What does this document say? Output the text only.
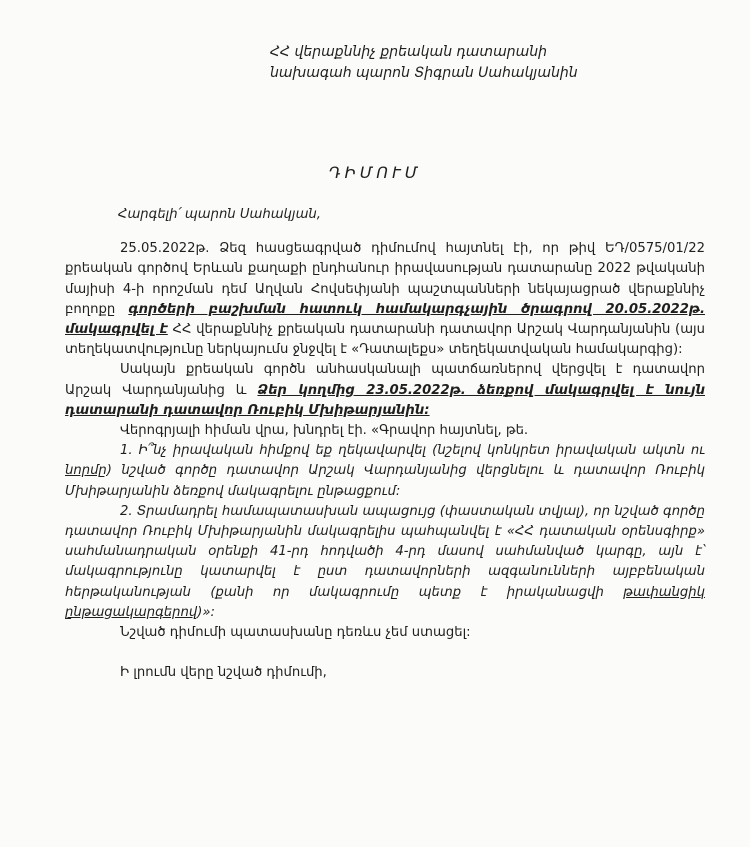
ՀՀ վերաքննիչ քրեական դատարանի
նախագահ պարոն Տիգրան Սահակյանին
ԴԻՄՈՒՄ

Հարգելի՛ պարոն Սահակյան,

25.05.2022թ. Ձեզ հասցեագրված դիմումով հայտնել էի, որ թիվ ԵԴ/0575/01/22 քրեական գործով Երևան քաղաքի ընդհանուր իրավասության դատարանը 2022 թվականի մայիսի 4-ի որոշման դեմ Աղվան Հովսեփյանի պաշտպանների նեկայացրած վերաքննիչ բողոքը գործերի բաշխման հատուկ համակարգչային ծրագրով 20.05.2022թ. մակագրվել է ՀՀ վերաքննիչ քրեական դատարանի դատավոր Արշակ Վարդանյանին (այս տեղեկատվությունը ներկայումս ջնջվել է «Դատալեքս» տեղեկատվական համակարգից):

Սակայն քրեական գործն անհասկանալի պատճառներով վերցվել է դատավոր Արշակ Վարդանյանից և Ձեր կողմից 23.05.2022թ. ձեռքով մակագրվել է նույն դատարանի դատավոր Ռուբիկ Մխիթարյանին:

Վերոգրյալի հիման վրա, խնդրել էի. «Գրավոր հայտնել, թե.

1. Ի՞նչ իրավական հիմքով եք ղեկավարվել (նշելով կոնկրետ իրավական ակտն ու նորմը) նշված գործը դատավոր Արշակ Վարդանյանից վերցնելու և դատավոր Ռուբիկ Մխիթարյանին ձեռքով մակագրելու ընթացքում:

2. Տրամադրել համապատասխան ապացույց (փաստական տվյալ), որ նշված գործը դատավոր Ռուբիկ Մխիթարյանին մակագրելիս պահպանվել է «ՀՀ դատական օրենսգիրք» սահմանադրական օրենքի 41-րդ հոդվածի 4-րդ մասով սահմանված կարգը, այն է՝ մակագրությունը կատարվել է ըստ դատավորների ազգանունների այբբենական հերթականության (քանի որ մակագրումը պետք է իրականացվի թափանցիկ ընթացակարգերով)»:

Նշված դիմումի պատասխանը դեռևս չեմ ստացել:

Ի լրումն վերը նշված դիմումի,
